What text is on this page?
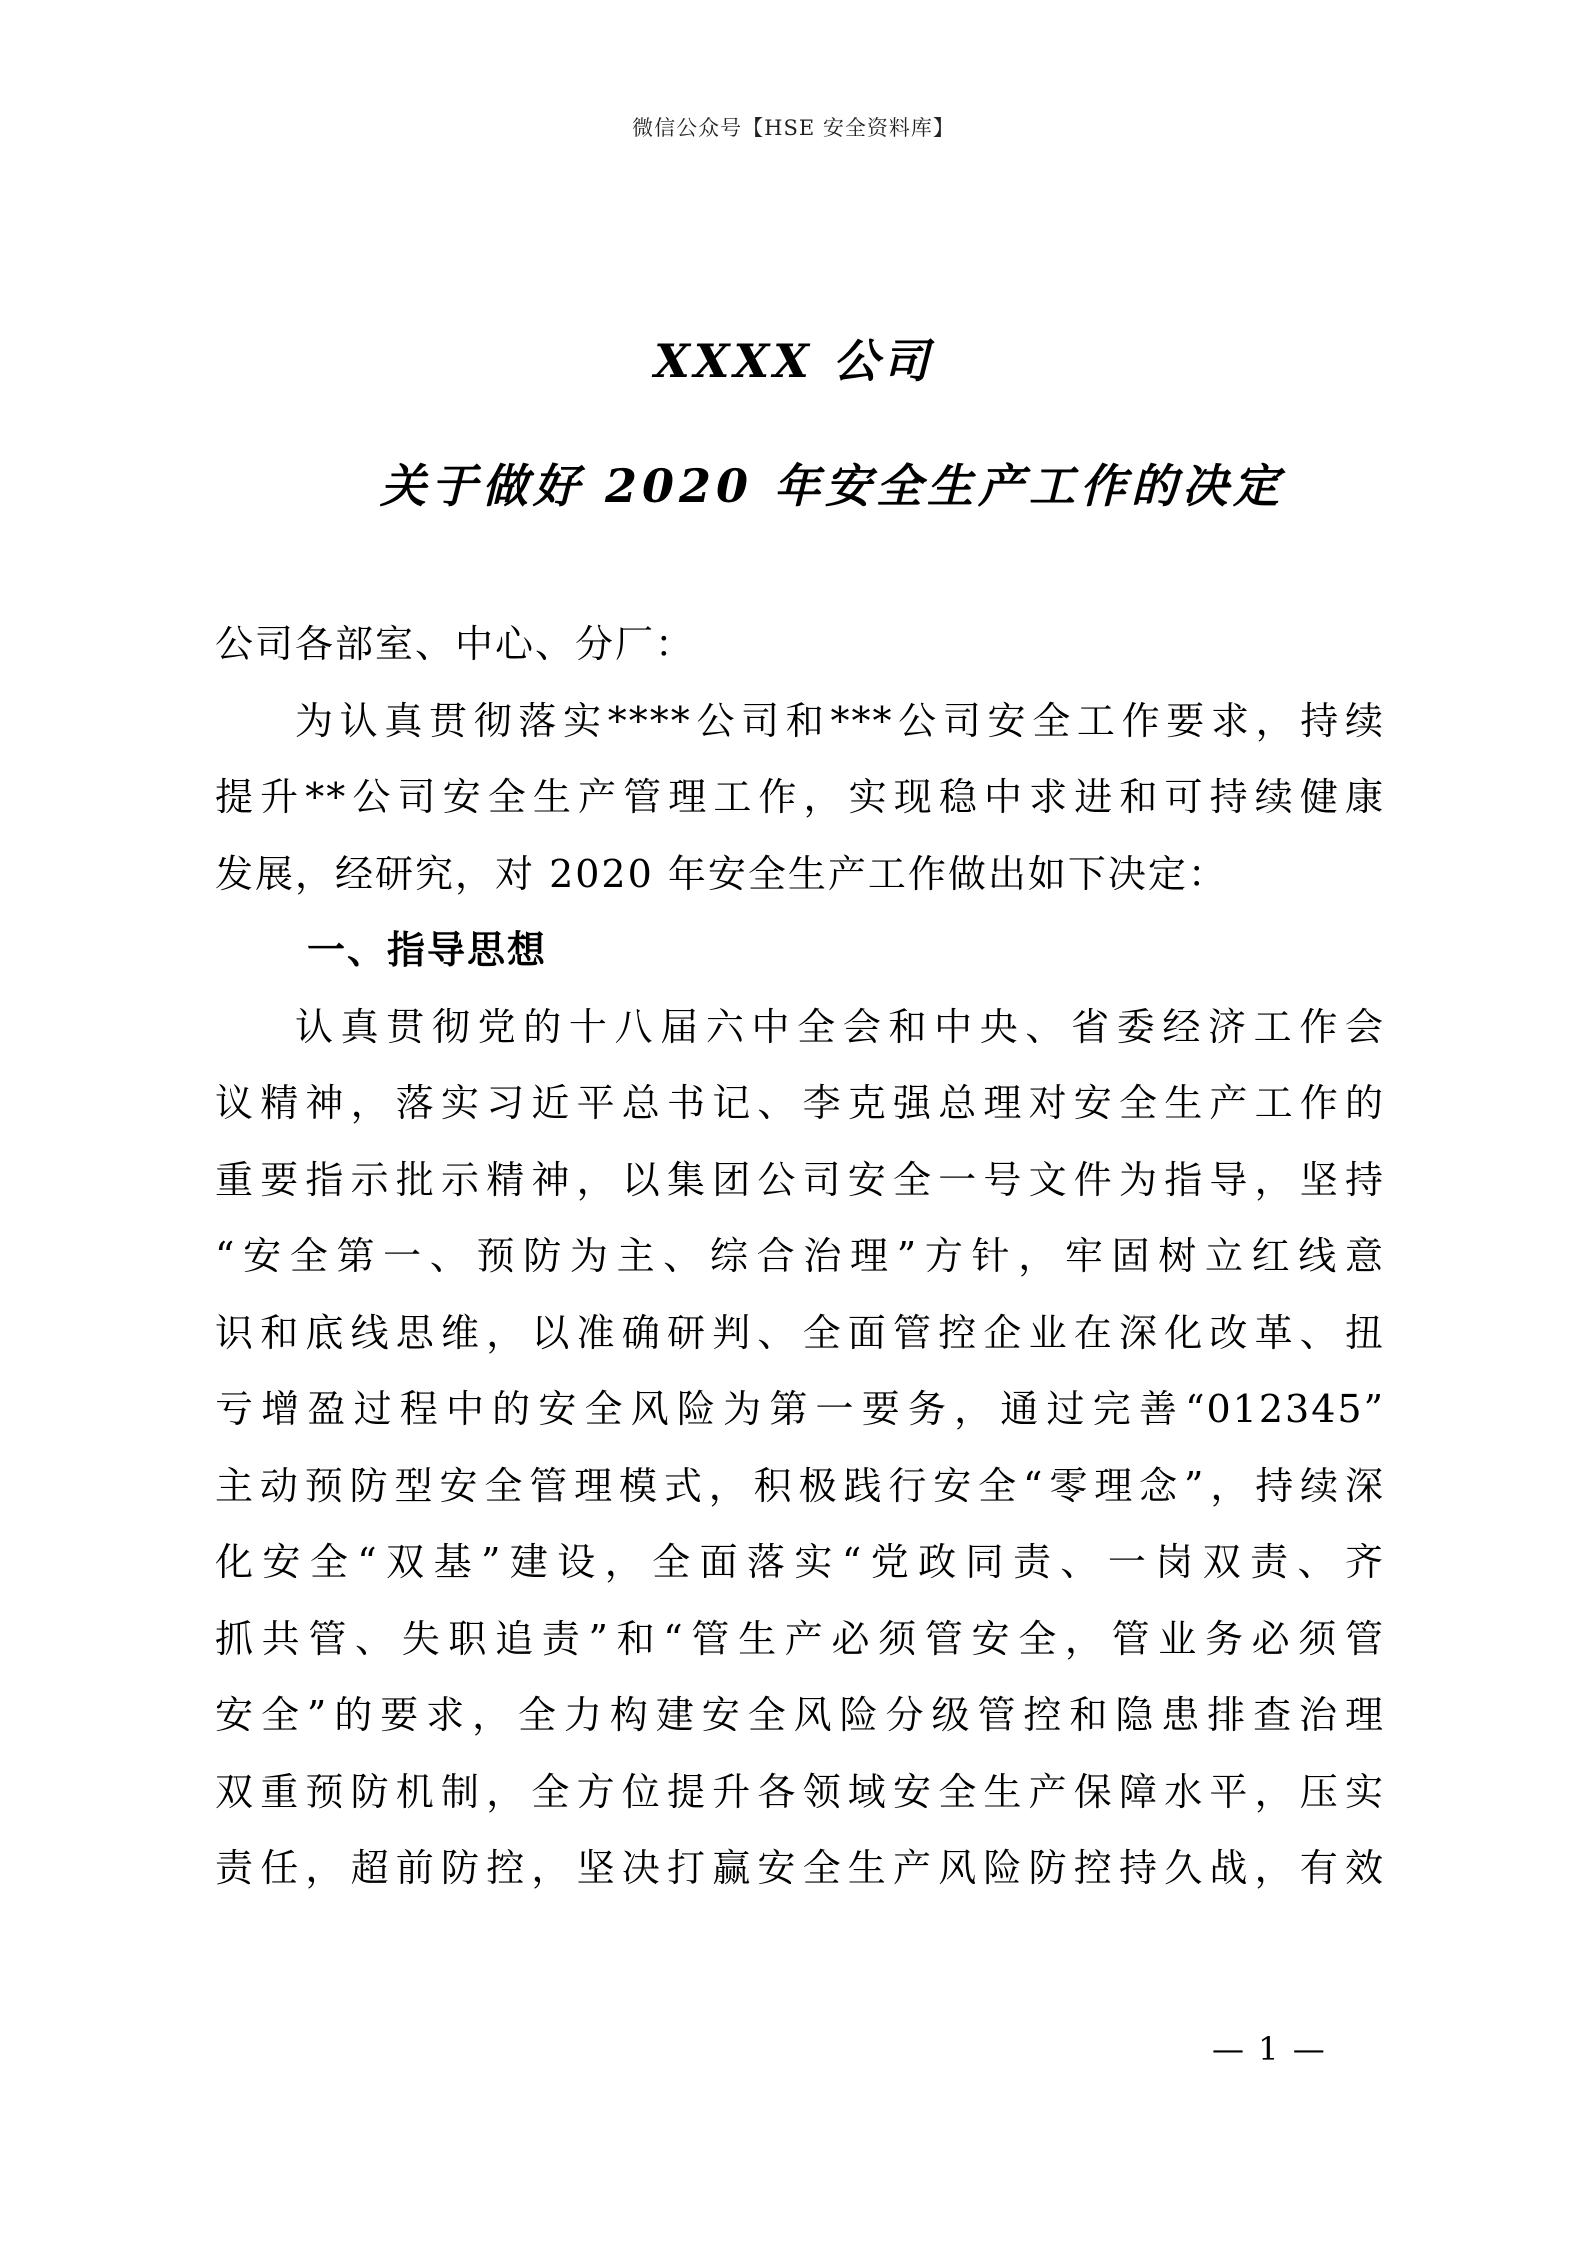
微信公众号【HSE 安全资料库】
XXXX 公司
关于做好 2020 年安全生产工作的决定
公司各部室、中心、分厂：
为认真贯彻落实****公司和***公司安全工作要求，持续
提升**公司安全生产管理工作，实现稳中求进和可持续健康
发展，经研究，对 2020 年安全生产工作做出如下决定：
一、指导思想
认真贯彻党的十八届六中全会和中央、省委经济工作会
议精神，落实习近平总书记、李克强总理对安全生产工作的
重要指示批示精神，以集团公司安全一号文件为指导，坚持
“安全第一、预防为主、综合治理”方针，牢固树立红线意
识和底线思维，以准确研判、全面管控企业在深化改革、扭
亏增盈过程中的安全风险为第一要务，通过完善“012345”
主动预防型安全管理模式，积极践行安全“零理念”，持续深
化安全“双基”建设，全面落实“党政同责、一岗双责、齐
抓共管、失职追责”和“管生产必须管安全，管业务必须管
安全”的要求，全力构建安全风险分级管控和隐患排查治理
双重预防机制，全方位提升各领域安全生产保障水平，压实
责任，超前防控，坚决打赢安全生产风险防控持久战，有效
— 1 —
